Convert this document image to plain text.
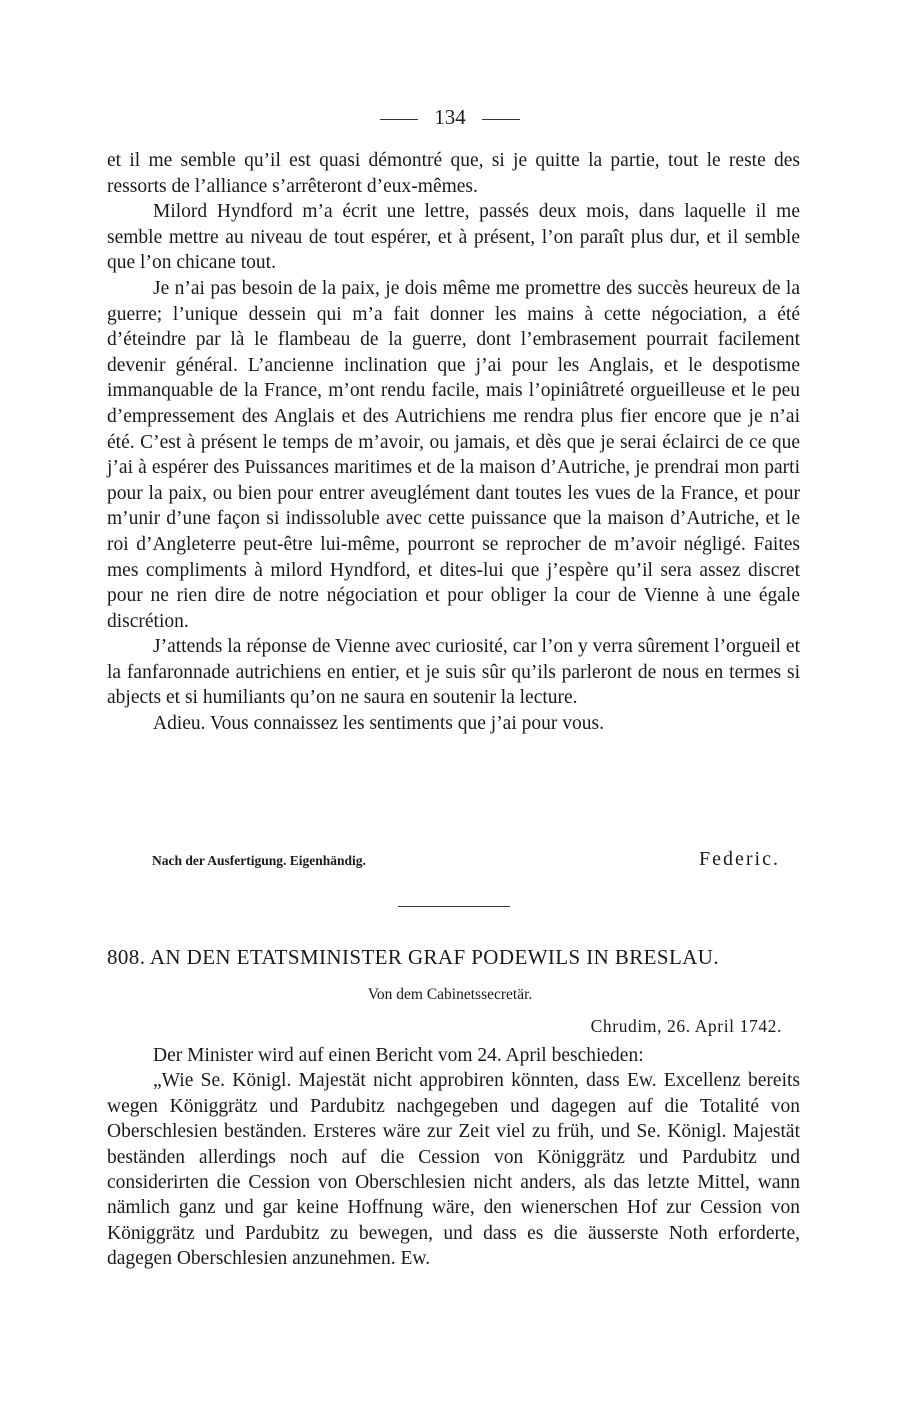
134

et il me semble qu’il est quasi démontré que, si je quitte la partie, tout le reste des ressorts de l’alliance s’arrêteront d’eux-mêmes.

Milord Hyndford m’a écrit une lettre, passés deux mois, dans laquelle il me semble mettre au niveau de tout espérer, et à présent, l’on paraît plus dur, et il semble que l’on chicane tout.

Je n’ai pas besoin de la paix, je dois même me promettre des succès heureux de la guerre; l’unique dessein qui m’a fait donner les mains à cette négociation, a été d’éteindre par là le flambeau de la guerre, dont l’embrasement pourrait facilement devenir général. L’ancienne inclination que j’ai pour les Anglais, et le despotisme immanquable de la France, m’ont rendu facile, mais l’opiniâtreté orgueilleuse et le peu d’empressement des Anglais et des Autrichiens me rendra plus fier encore que je n’ai été. C’est à présent le temps de m’avoir, ou jamais, et dès que je serai éclairci de ce que j’ai à espérer des Puissances maritimes et de la maison d’Autriche, je prendrai mon parti pour la paix, ou bien pour entrer aveuglément dant toutes les vues de la France, et pour m’unir d’une façon si indissoluble avec cette puissance que la maison d’Autriche, et le roi d’Angleterre peut-être lui-même, pourront se reprocher de m’avoir négligé. Faites mes compliments à milord Hyndford, et dites-lui que j’espère qu’il sera assez discret pour ne rien dire de notre négociation et pour obliger la cour de Vienne à une égale discrétion.

J’attends la réponse de Vienne avec curiosité, car l’on y verra sûrement l’orgueil et la fanfaronnade autrichiens en entier, et je suis sûr qu’ils parleront de nous en termes si abjects et si humiliants qu’on ne saura en soutenir la lecture.

Adieu. Vous connaissez les sentiments que j’ai pour vous.

Nach der Ausfertigung. Eigenhändig.	Federic.
808. AN DEN ETATSMINISTER GRAF PODEWILS IN BRESLAU.
Von dem Cabinetssecretär.
Chrudim, 26. April 1742.

Der Minister wird auf einen Bericht vom 24. April beschieden:

„Wie Se. Königl. Majestät nicht approbiren könnten, dass Ew. Excellenz bereits wegen Königgrätz und Pardubitz nachgegeben und dagegen auf die Totalité von Oberschlesien beständen. Ersteres wäre zur Zeit viel zu früh, und Se. Königl. Majestät beständen allerdings noch auf die Cession von Königgrätz und Pardubitz und considerirten die Cession von Oberschlesien nicht anders, als das letzte Mittel, wann nämlich ganz und gar keine Hoffnung wäre, den wienerschen Hof zur Cession von Königgrätz und Pardubitz zu bewegen, und dass es die äusserste Noth erforderte, dagegen Oberschlesien anzunehmen. Ew.
